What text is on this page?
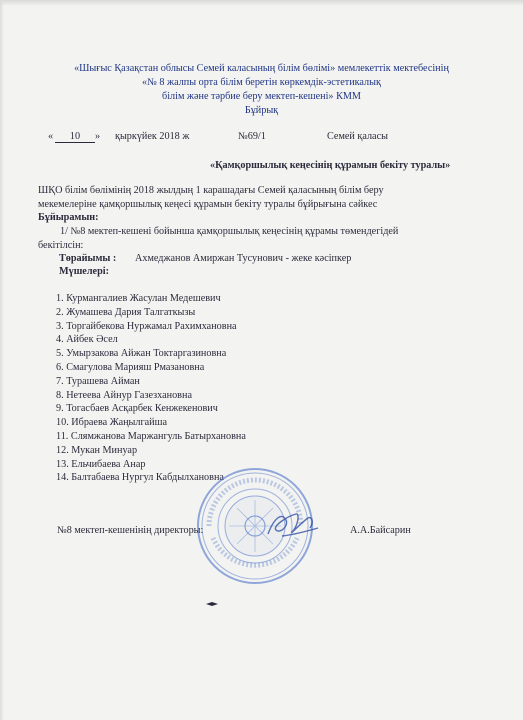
«Шығыс Қазақстан облысы Семей каласының білім бөлімі» мемлекеттік мектебесінің
«№ 8 жалпы орта білім беретін көркемдік-эстетикалық
білім және тәрбие беру мектеп-кешені» КММ
Бұйрық
«	10	» қыркүйек 2018 ж	№69/1	Семей қаласы
«Қамқоршылық кеңесінің құрамын бекіту туралы»
ШҚО білім бөлімінің 2018 жылдың 1 карашадағы Семей қаласының білім беру
мекемелеріне қамқоршылық кеңесі құрамын бекіту туралы бұйрығына сәйкес
Бұйырамын:
1/ №8 мектеп-кешені бойынша қамқоршылық кеңесінің құрамы төмендегідей
бекітілсін:
Төрайымы : Ахмеджанов Амиржан Тусунович - жеке кәсіпкер
Мүшелері:
1. Курмангалиев Жасулан Медешевич
2. Жумашева Дария Талгаткызы
3. Торгайбекова Нуржамал Рахимхановна
4. Айбек Әсел
5. Умырзакова Айжан Токтаргазиновна
6. Смагулова Марияш Рмазановна
7. Турашева Айман
8. Нетеева Айнур Газезхановна
9. Тогасбаев Асқарбек Кенжекенович
10. Ибраева Жаңылгайша
11. Слямжанова Маржангуль Батырхановна
12. Мукан Минуар
13. Ельчибаева Анар
14. Балтабаева Нургул Кабдылхановна
№8 мектеп-кешенінің директоры:	А.А.Байсарин
